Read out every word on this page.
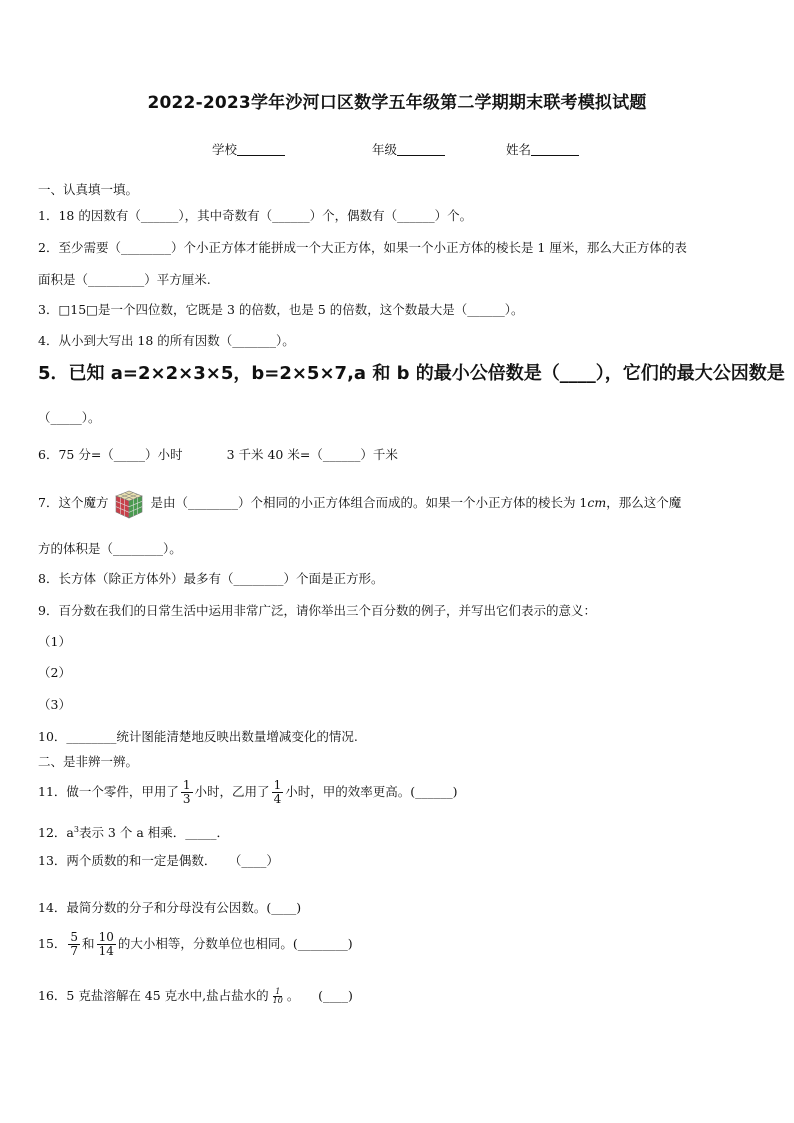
2022-2023学年沙河口区数学五年级第二学期期末联考模拟试题
学校	年级	姓名
一、认真填一填。
1．18 的因数有（______），其中奇数有（______）个，偶数有（______）个。
2．至少需要（________）个小正方体才能拼成一个大正方体，如果一个小正方体的棱长是 1 厘米，那么大正方体的表
面积是（_________）平方厘米.
3．□15□是一个四位数，它既是 3 的倍数，也是 5 的倍数，这个数最大是（______）。
4．从小到大写出 18 的所有因数（_______）。
5．已知 a=2×2×3×5，b=2×5×7,a 和 b 的最小公倍数是（____），它们的最大公因数是
（_____）。
6．75 分=（_____）小时	3 千米 40 米=（______）千米
7．这个魔方	是由（________）个相同的小正方体组合而成的。如果一个小正方体的棱长为 1cm，那么这个魔
方的体积是（________）。
8．长方体（除正方体外）最多有（________）个面是正方形。
9．百分数在我们的日常生活中运用非常广泛，请你举出三个百分数的例子，并写出它们表示的意义：
（1）
（2）
（3）
10．________统计图能清楚地反映出数量增减变化的情况.
二、是非辨一辨。
11．做一个零件，甲用了 $\frac{1}{3}$ 小时，乙用了 $\frac{1}{4}$ 小时，甲的效率更高。(______)
12．$a^3$表示 3 个 a 相乘．_____．
13．两个质数的和一定是偶数．　　（____）
14．最简分数的分子和分母没有公因数。(____)
15． $\frac{5}{7}$ 和 $\frac{10}{14}$ 的大小相等，分数单位也相同。(________)
16．5 克盐溶解在 45 克水中,盐占盐水的 $\frac{1}{10}$ 。　　(____)
